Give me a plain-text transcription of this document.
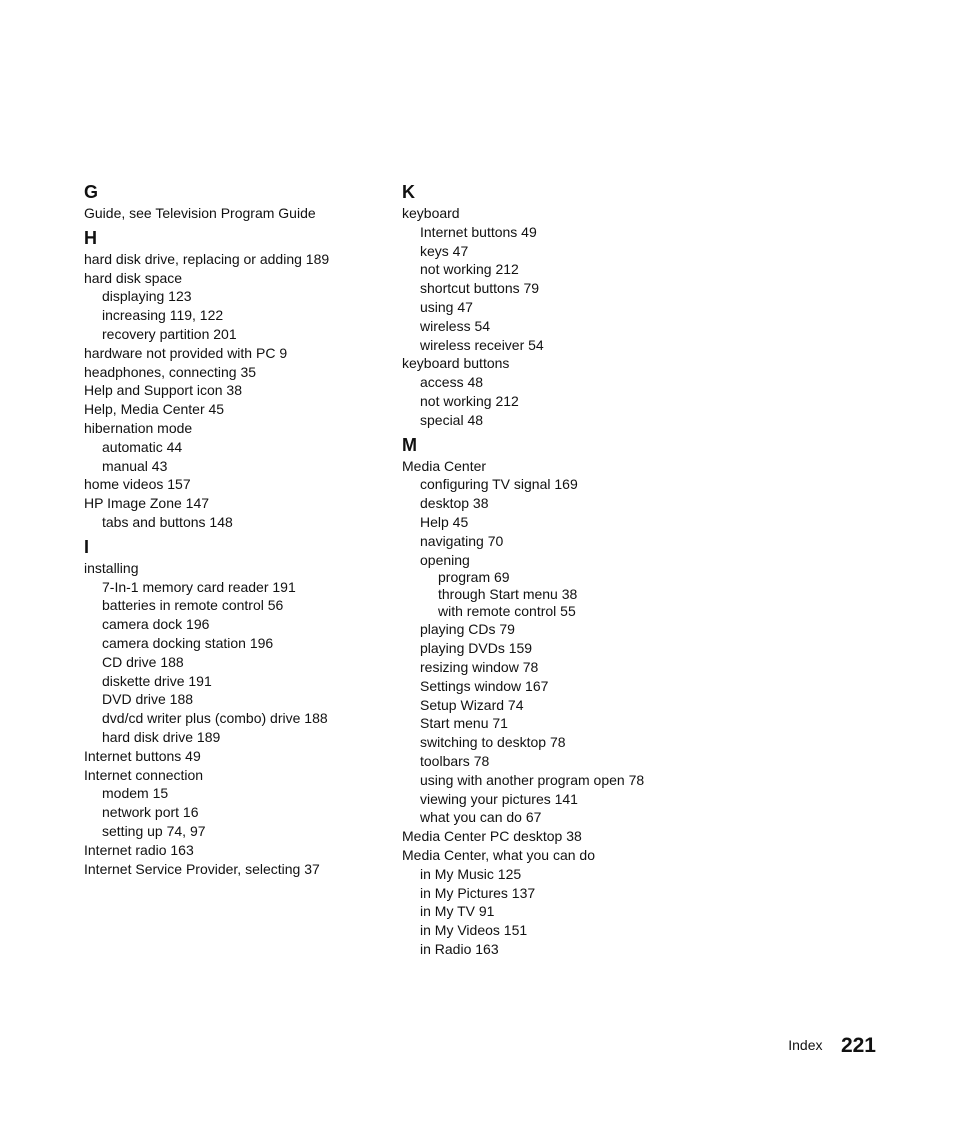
G
Guide, see Television Program Guide
H
hard disk drive, replacing or adding 189
hard disk space
displaying 123
increasing 119, 122
recovery partition 201
hardware not provided with PC 9
headphones, connecting 35
Help and Support icon 38
Help, Media Center 45
hibernation mode
automatic 44
manual 43
home videos 157
HP Image Zone 147
tabs and buttons 148
I
installing
7-In-1 memory card reader 191
batteries in remote control 56
camera dock 196
camera docking station 196
CD drive 188
diskette drive 191
DVD drive 188
dvd/cd writer plus (combo) drive 188
hard disk drive 189
Internet buttons 49
Internet connection
modem 15
network port 16
setting up 74, 97
Internet radio 163
Internet Service Provider, selecting 37
K
keyboard
Internet buttons 49
keys 47
not working 212
shortcut buttons 79
using 47
wireless 54
wireless receiver 54
keyboard buttons
access 48
not working 212
special 48
M
Media Center
configuring TV signal 169
desktop 38
Help 45
navigating 70
opening
program 69
through Start menu 38
with remote control 55
playing CDs 79
playing DVDs 159
resizing window 78
Settings window 167
Setup Wizard 74
Start menu 71
switching to desktop 78
toolbars 78
using with another program open 78
viewing your pictures 141
what you can do 67
Media Center PC desktop 38
Media Center, what you can do
in My Music 125
in My Pictures 137
in My TV 91
in My Videos 151
in Radio 163
Index 221
